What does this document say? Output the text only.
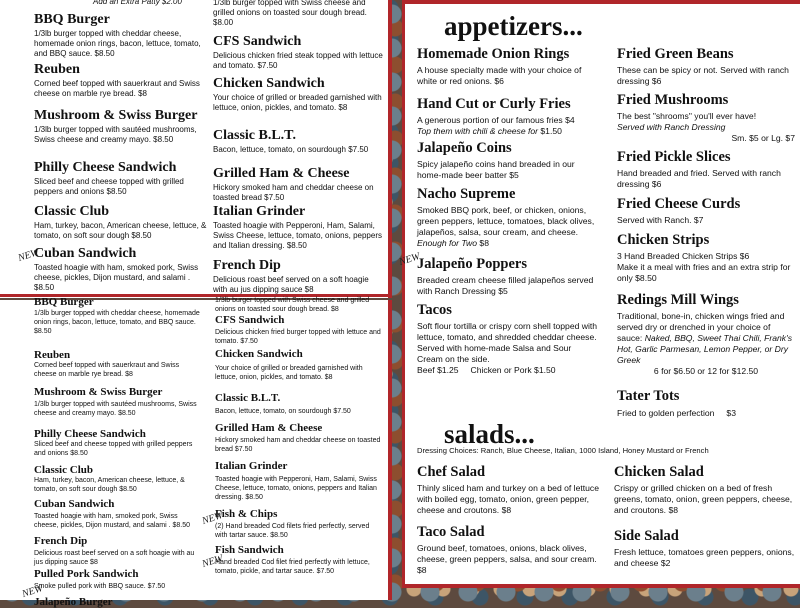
Add an Extra Patty $2.00
BBQ Burger
1/3lb burger topped with cheddar cheese, homemade onion rings, bacon, lettuce, tomato, and BBQ sauce. $8.50
Reuben
Corned beef topped with sauerkraut and Swiss cheese on marble rye bread. $8
Mushroom & Swiss Burger
1/3lb burger topped with sautéed mushrooms, Swiss cheese and creamy mayo. $8.50
Philly Cheese Sandwich
Sliced beef and cheese topped with grilled peppers and onions $8.50
Classic Club
Ham, turkey, bacon, American cheese, lettuce, & tomato, on soft sour dough $8.50
Cuban Sandwich
Toasted hoagie with ham, smoked pork, Swiss cheese, pickles, Dijon mustard, and salami . $8.50
NEW
1/3lb burger topped with Swiss cheese and grilled onions on toasted sour dough bread. $8.00
CFS Sandwich
Delicious chicken fried steak topped with lettuce and tomato. $7.50
Chicken Sandwich
Your choice of grilled or breaded garnished with lettuce, onion, pickles, and tomato. $8
Classic B.L.T.
Bacon, lettuce, tomato, on sourdough $7.50
Grilled Ham & Cheese
Hickory smoked ham and cheddar cheese on toasted bread $7.50
Italian Grinder
Toasted hoagie with Pepperoni, Ham, Salami, Swiss Cheese, lettuce, tomato, onions, peppers and Italian dressing. $8.50
French Dip
Delicious roast beef served on a soft hoagie with au jus dipping sauce $8
BBQ Burger
1/3lb burger topped with cheddar cheese, homemade onion rings, bacon, lettuce, tomato, and BBQ sauce. $8.50
Reuben
Corned beef topped with sauerkraut and Swiss cheese on marble rye bread. $8
Mushroom & Swiss Burger
1/3lb burger topped with sautéed mushrooms, Swiss cheese and creamy mayo. $8.50
Philly Cheese Sandwich
Sliced beef and cheese topped with grilled peppers and onions $8.50
Classic Club
Ham, turkey, bacon, American cheese, lettuce, & tomato, on soft sour dough $8.50
Cuban Sandwich
Toasted hoagie with ham, smoked pork, Swiss cheese, pickles, Dijon mustard, and salami . $8.50
French Dip
Delicious roast beef served on a soft hoagie with au jus dipping sauce $8
Pulled Pork Sandwich
Smoke pulled pork with BBQ sauce. $7.50
Jalapeño Burger
NEW
1/3lb burger topped with Swiss cheese and grilled onions on toasted sour dough bread. $8
CFS Sandwich
Delicious chicken fried burger topped with lettuce and tomato. $7.50
Chicken Sandwich
Your choice of grilled or breaded garnished with lettuce, onion, pickles, and tomato. $8
Classic B.L.T.
Bacon, lettuce, tomato, on sourdough $7.50
Grilled Ham & Cheese
Hickory smoked ham and cheddar cheese on toasted bread $7.50
Italian Grinder
Toasted hoagie with Pepperoni, Ham, Salami, Swiss Cheese, lettuce, tomato, onions, peppers and Italian dressing. $8.50
Fish & Chips
(2) Hand breaded Cod filets fried perfectly, served with tartar sauce. $8.50
Fish Sandwich
Hand breaded Cod filet fried perfectly with lettuce, tomato, pickle, and tartar sauce. $7.50
NEW
NEW
appetizers...
Homemade Onion Rings
A house specialty made with your choice of white or red onions. $6
Hand Cut or Curly Fries
A generous portion of our famous fries $4
Top them with chili & cheese for $1.50
Jalapeño Coins
Spicy jalapeño coins hand breaded in our home-made beer batter $5
Nacho Supreme
Smoked BBQ pork, beef, or chicken, onions, green peppers, lettuce, tomatoes, black olives, jalapeños, salsa, sour cream, and cheese. Enough for Two $8
Jalapeño Poppers
Breaded cream cheese filled jalapeños served with Ranch Dressing $5
Tacos
Soft flour tortilla or crispy corn shell topped with lettuce, tomato, and shredded cheddar cheese. Served with home-made Salsa and Sour Cream on the side.
Beef $1.25 Chicken or Pork $1.50
NEW
Fried Green Beans
These can be spicy or not. Served with ranch dressing $6
Fried Mushrooms
The best "shrooms" you'll ever have!
Served with Ranch Dressing
Sm. $5 or Lg. $7
Fried Pickle Slices
Hand breaded and fried. Served with ranch dressing $6
Fried Cheese Curds
Served with Ranch. $7
Chicken Strips
3 Hand Breaded Chicken Strips $6
Make it a meal with fries and an extra strip for only $8.50
Redings Mill Wings
Traditional, bone-in, chicken wings fried and served dry or drenched in your choice of sauce: Naked, BBQ, Sweet Thai Chili, Frank's Hot, Garlic Parmesan, Lemon Pepper, or Dry Greek
6 for $6.50 or 12 for $12.50
Tater Tots
Fried to golden perfection $3
salads...
Dressing Choices: Ranch, Blue Cheese, Italian, 1000 Island, Honey Mustard or French
Chef Salad
Thinly sliced ham and turkey on a bed of lettuce with boiled egg, tomato, onion, green pepper, cheese and croutons. $8
Taco Salad
Ground beef, tomatoes, onions, black olives, cheese, green peppers, salsa, and sour cream. $8
Chicken Salad
Crispy or grilled chicken on a bed of fresh greens, tomato, onion, green peppers, cheese, and croutons. $8
Side Salad
Fresh lettuce, tomatoes green peppers, onions, and cheese $2
